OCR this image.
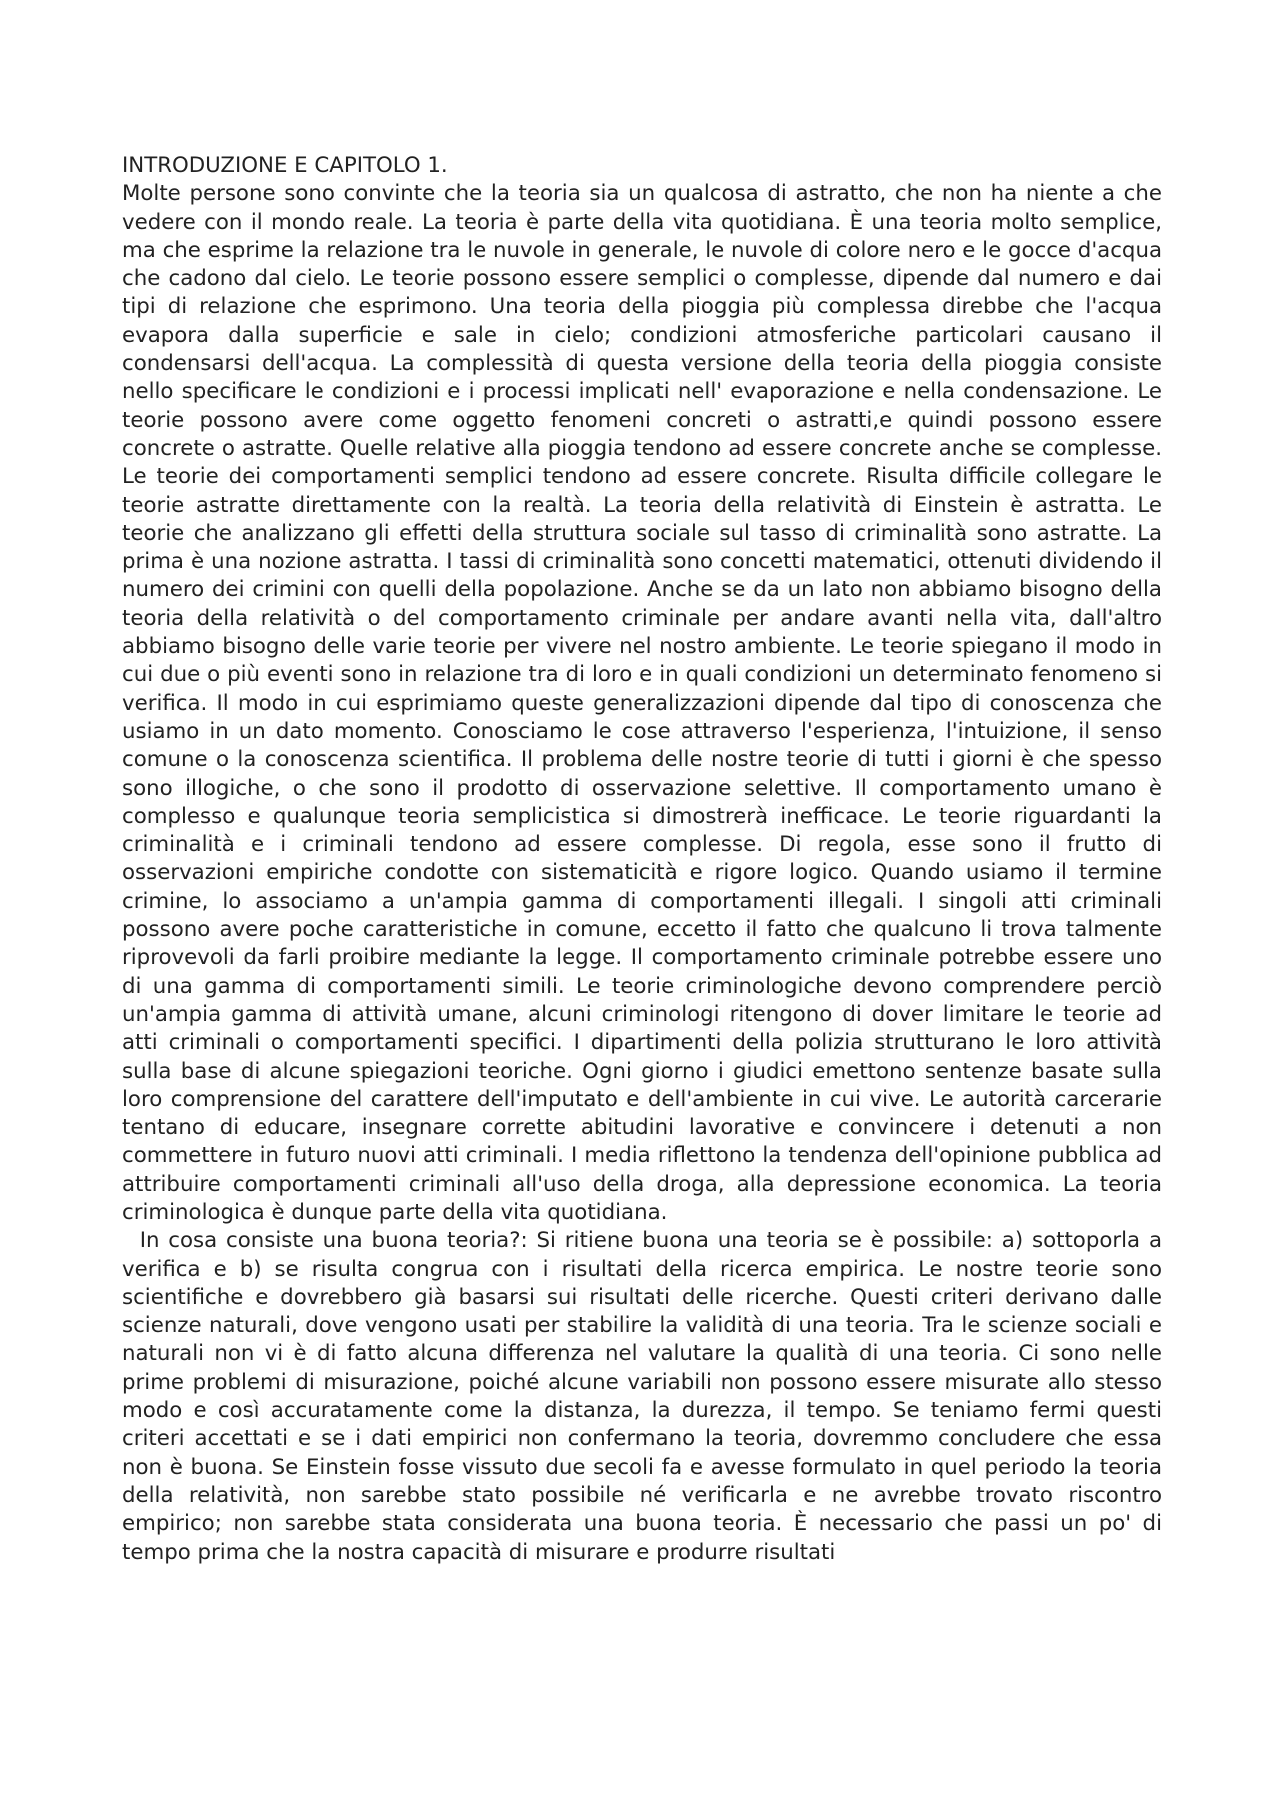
INTRODUZIONE E CAPITOLO 1.

Molte persone sono convinte che la teoria sia un qualcosa di astratto, che non ha niente a che vedere con il mondo reale. La teoria è parte della vita quotidiana. È una teoria molto semplice, ma che esprime la relazione tra le nuvole in generale, le nuvole di colore nero e le gocce d'acqua che cadono dal cielo. Le teorie possono essere semplici o complesse, dipende dal numero e dai tipi di relazione che esprimono. Una teoria della pioggia più complessa direbbe che l'acqua evapora dalla superficie e sale in cielo; condizioni atmosferiche particolari causano il condensarsi dell'acqua. La complessità di questa versione della teoria della pioggia consiste nello specificare le condizioni e i processi implicati nell' evaporazione e nella condensazione. Le teorie possono avere come oggetto fenomeni concreti o astratti,e quindi possono essere concrete o astratte. Quelle relative alla pioggia tendono ad essere concrete anche se complesse. Le teorie dei comportamenti semplici tendono ad essere concrete. Risulta difficile collegare le teorie astratte direttamente con la realtà. La teoria della relatività di Einstein è astratta. Le teorie che analizzano gli effetti della struttura sociale sul tasso di criminalità sono astratte. La prima è una nozione astratta. I tassi di criminalità sono concetti matematici, ottenuti dividendo il numero dei crimini con quelli della popolazione. Anche se da un lato non abbiamo bisogno della teoria della relatività o del comportamento criminale per andare avanti nella vita, dall'altro abbiamo bisogno delle varie teorie per vivere nel nostro ambiente. Le teorie spiegano il modo in cui due o più eventi sono in relazione tra di loro e in quali condizioni un determinato fenomeno si verifica. Il modo in cui esprimiamo queste generalizzazioni dipende dal tipo di conoscenza che usiamo in un dato momento. Conosciamo le cose attraverso l'esperienza, l'intuizione, il senso comune o la conoscenza scientifica. Il problema delle nostre teorie di tutti i giorni è che spesso sono illogiche, o che sono il prodotto di osservazione selettive. Il comportamento umano è complesso e qualunque teoria semplicistica si dimostrerà inefficace. Le teorie riguardanti la criminalità e i criminali tendono ad essere complesse. Di regola, esse sono il frutto di osservazioni empiriche condotte con sistematicità e rigore logico. Quando usiamo il termine crimine, lo associamo a un'ampia gamma di comportamenti illegali. I singoli atti criminali possono avere poche caratteristiche in comune, eccetto il fatto che qualcuno li trova talmente riprovevoli da farli proibire mediante la legge. Il comportamento criminale potrebbe essere uno di una gamma di comportamenti simili. Le teorie criminologiche devono comprendere perciò un'ampia gamma di attività umane, alcuni criminologi ritengono di dover limitare le teorie ad atti criminali o comportamenti specifici. I dipartimenti della polizia strutturano le loro attività sulla base di alcune spiegazioni teoriche. Ogni giorno i giudici emettono sentenze basate sulla loro comprensione del carattere dell'imputato e dell'ambiente in cui vive. Le autorità carcerarie tentano di educare, insegnare corrette abitudini lavorative e convincere i detenuti a non commettere in futuro nuovi atti criminali. I media riflettono la tendenza dell'opinione pubblica ad attribuire comportamenti criminali all'uso della droga, alla depressione economica. La teoria criminologica è dunque parte della vita quotidiana.

In cosa consiste una buona teoria?: Si ritiene buona una teoria se è possibile: a) sottoporla a verifica e b) se risulta congrua con i risultati della ricerca empirica. Le nostre teorie sono scientifiche e dovrebbero già basarsi sui risultati delle ricerche. Questi criteri derivano dalle scienze naturali, dove vengono usati per stabilire la validità di una teoria. Tra le scienze sociali e naturali non vi è di fatto alcuna differenza nel valutare la qualità di una teoria. Ci sono nelle prime problemi di misurazione, poiché alcune variabili non possono essere misurate allo stesso modo e così accuratamente come la distanza, la durezza, il tempo. Se teniamo fermi questi criteri accettati e se i dati empirici non confermano la teoria, dovremmo concludere che essa non è buona. Se Einstein fosse vissuto due secoli fa e avesse formulato in quel periodo la teoria della relatività, non sarebbe stato possibile né verificarla e ne avrebbe trovato riscontro empirico; non sarebbe stata considerata una buona teoria. È necessario che passi un po' di tempo prima che la nostra capacità di misurare e produrre risultati
